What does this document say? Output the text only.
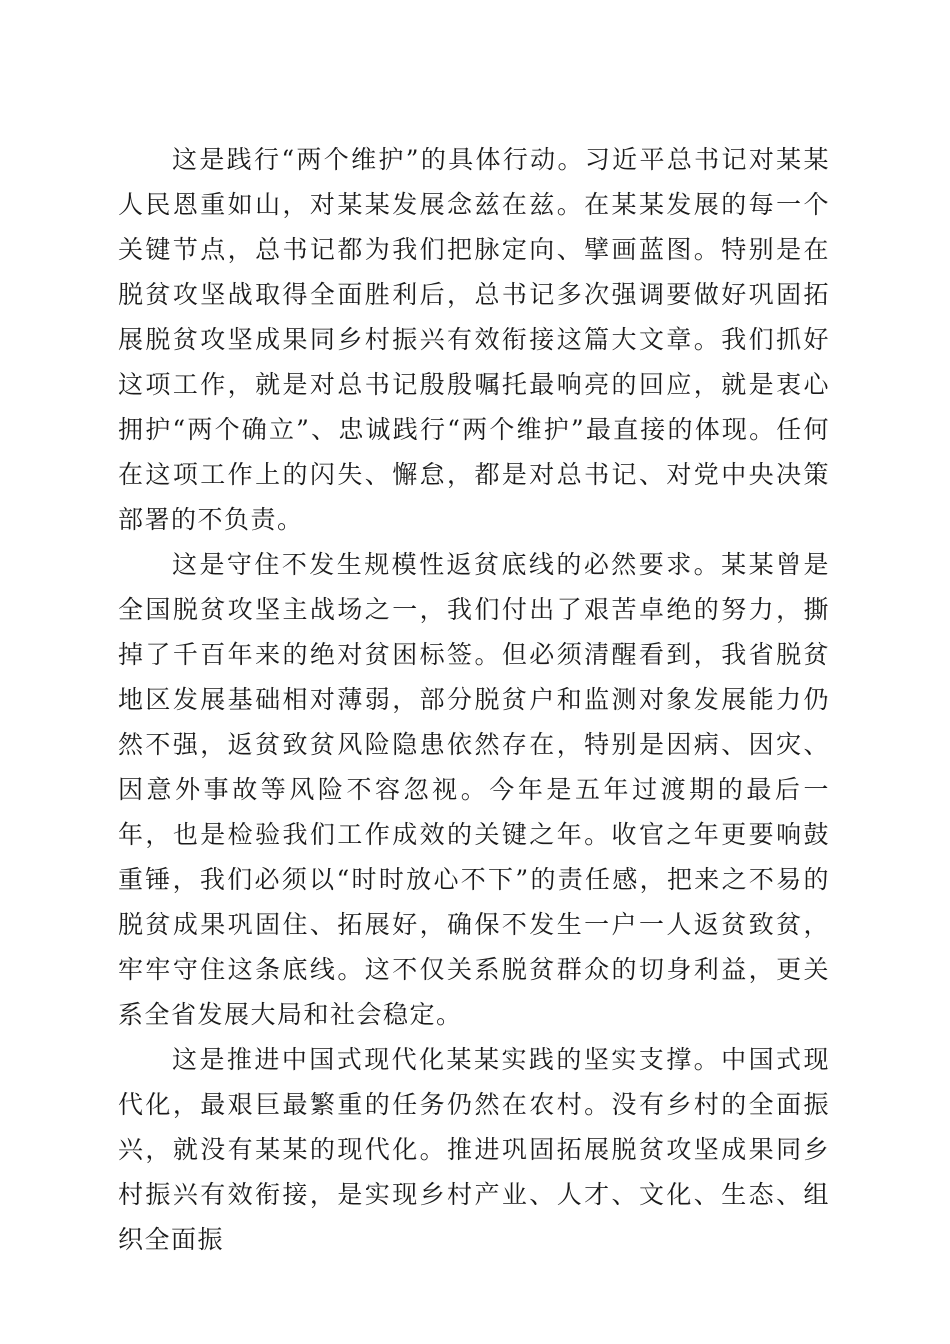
这是践行“两个维护”的具体行动。习近平总书记对某某人民恩重如山，对某某发展念兹在兹。在某某发展的每一个关键节点，总书记都为我们把脉定向、擘画蓝图。特别是在脱贫攻坚战取得全面胜利后，总书记多次强调要做好巩固拓展脱贫攻坚成果同乡村振兴有效衔接这篇大文章。我们抓好这项工作，就是对总书记殷殷嘱托最响亮的回应，就是衷心拥护“两个确立”、忠诚践行“两个维护”最直接的体现。任何在这项工作上的闪失、懈怠，都是对总书记、对党中央决策部署的不负责。

这是守住不发生规模性返贫底线的必然要求。某某曾是全国脱贫攻坚主战场之一，我们付出了艰苦卓绝的努力，撕掉了千百年来的绝对贫困标签。但必须清醒看到，我省脱贫地区发展基础相对薄弱，部分脱贫户和监测对象发展能力仍然不强，返贫致贫风险隐患依然存在，特别是因病、因灾、因意外事故等风险不容忽视。今年是五年过渡期的最后一年，也是检验我们工作成效的关键之年。收官之年更要响鼓重锤，我们必须以“时时放心不下”的责任感，把来之不易的脱贫成果巩固住、拓展好，确保不发生一户一人返贫致贫，牢牢守住这条底线。这不仅关系脱贫群众的切身利益，更关系全省发展大局和社会稳定。

这是推进中国式现代化某某实践的坚实支撑。中国式现代化，最艰巨最繁重的任务仍然在农村。没有乡村的全面振兴，就没有某某的现代化。推进巩固拓展脱贫攻坚成果同乡村振兴有效衔接，是实现乡村产业、人才、文化、生态、组织全面振
